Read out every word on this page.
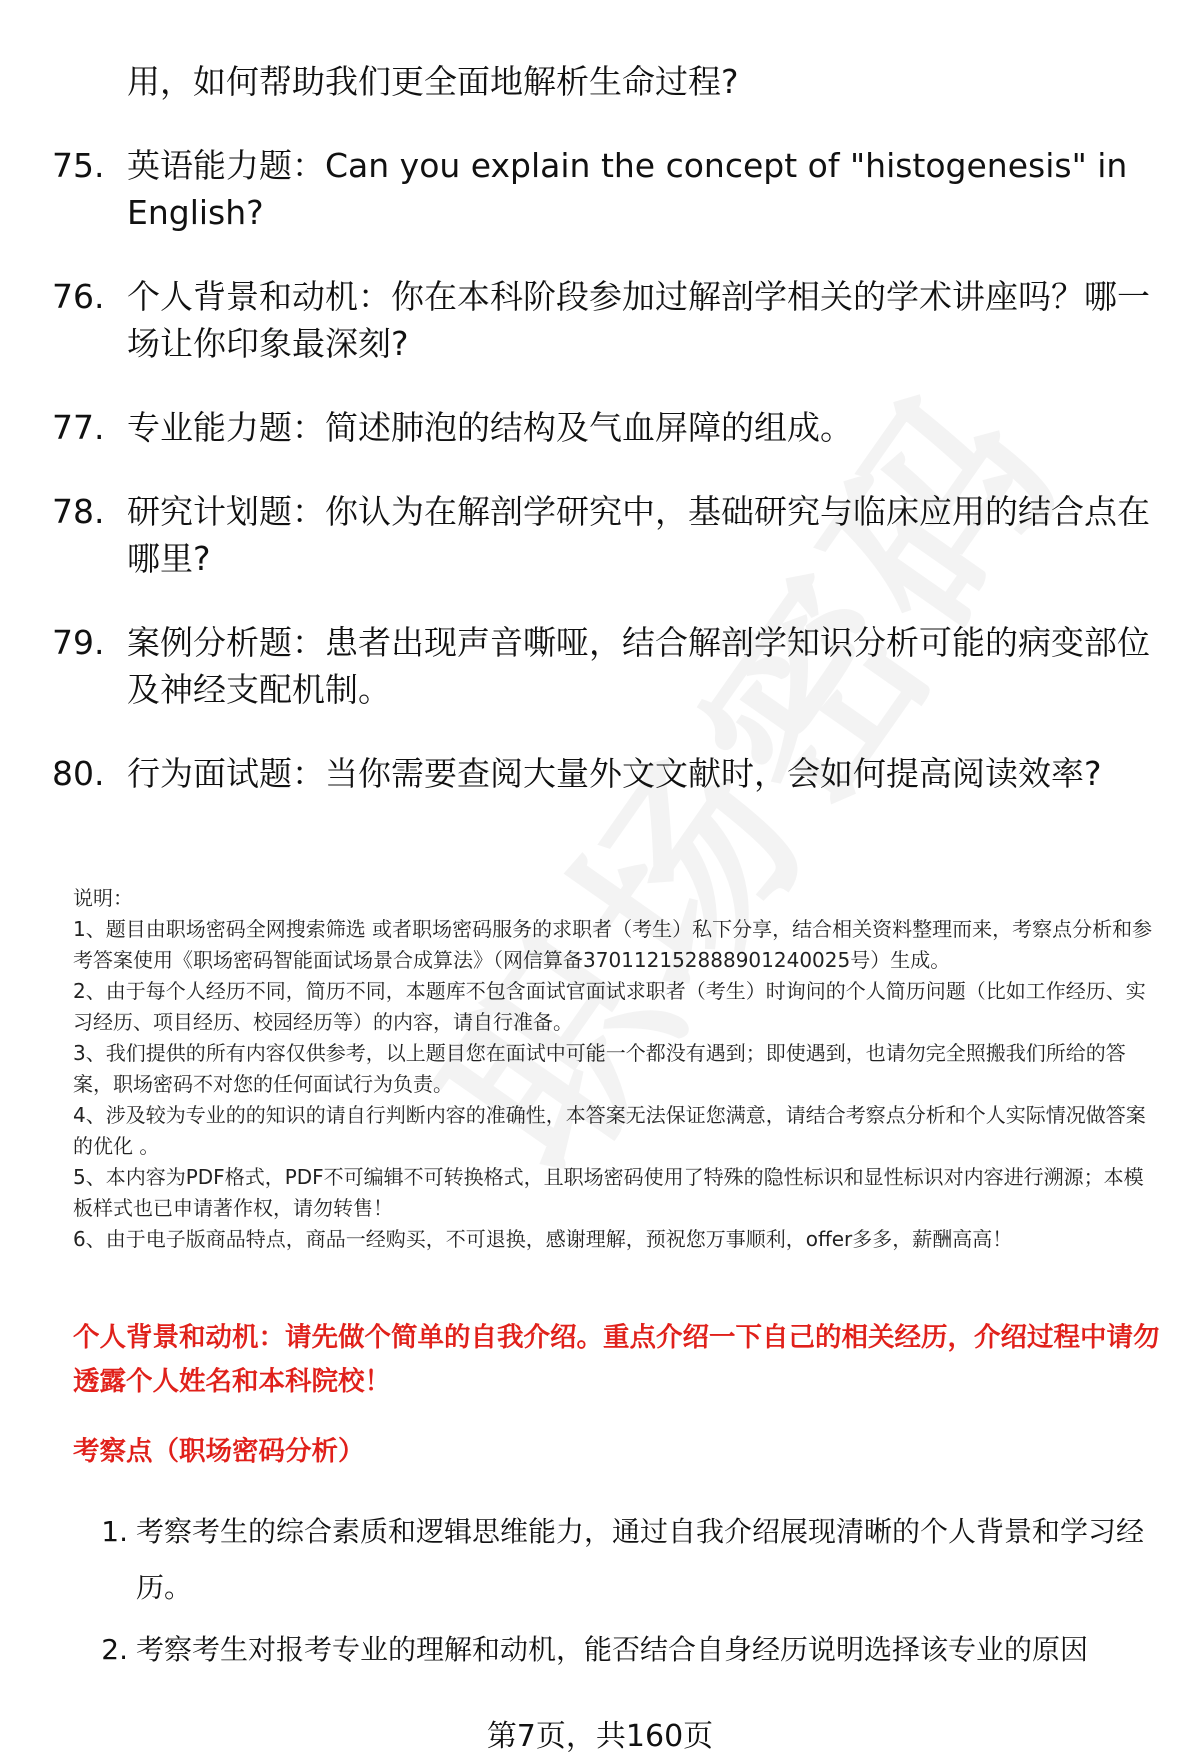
用，如何帮助我们更全面地解析生命过程?
75. 英语能力题：Can you explain the concept of "histogenesis" in English?
76. 个人背景和动机：你在本科阶段参加过解剖学相关的学术讲座吗？哪一场让你印象最深刻?
77. 专业能力题：简述肺泡的结构及气血屏障的组成。
78. 研究计划题：你认为在解剖学研究中，基础研究与临床应用的结合点在哪里?
79. 案例分析题：患者出现声音嘶哑，结合解剖学知识分析可能的病变部位及神经支配机制。
80. 行为面试题：当你需要查阅大量外文文献时，会如何提高阅读效率?

说明：

1、题目由职场密码全网搜索筛选 或者职场密码服务的求职者（考生）私下分享，结合相关资料整理而来，考察点分析和参考答案使用《职场密码智能面试场景合成算法》（网信算备370112152888901240025号）生成。

2、由于每个人经历不同，简历不同，本题库不包含面试官面试求职者（考生）时询问的个人简历问题（比如工作经历、实习经历、项目经历、校园经历等）的内容，请自行准备。

3、我们提供的所有内容仅供参考，以上题目您在面试中可能一个都没有遇到；即使遇到，也请勿完全照搬我们所给的答案，职场密码不对您的任何面试行为负责。

4、涉及较为专业的的知识的请自行判断内容的准确性，本答案无法保证您满意，请结合考察点分析和个人实际情况做答案的优化 。

5、本内容为PDF格式，PDF不可编辑不可转换格式，且职场密码使用了特殊的隐性标识和显性标识对内容进行溯源；本模板样式也已申请著作权，请勿转售！

6、由于电子版商品特点，商品一经购买，不可退换，感谢理解，预祝您万事顺利，offer多多，薪酬高高！

个人背景和动机：请先做个简单的自我介绍。重点介绍一下自己的相关经历，介绍过程中请勿透露个人姓名和本科院校！
考察点（职场密码分析）
1. 考察考生的综合素质和逻辑思维能力，通过自我介绍展现清晰的个人背景和学习经历。
2. 考察考生对报考专业的理解和动机，能否结合自身经历说明选择该专业的原因
第7页，共160页
